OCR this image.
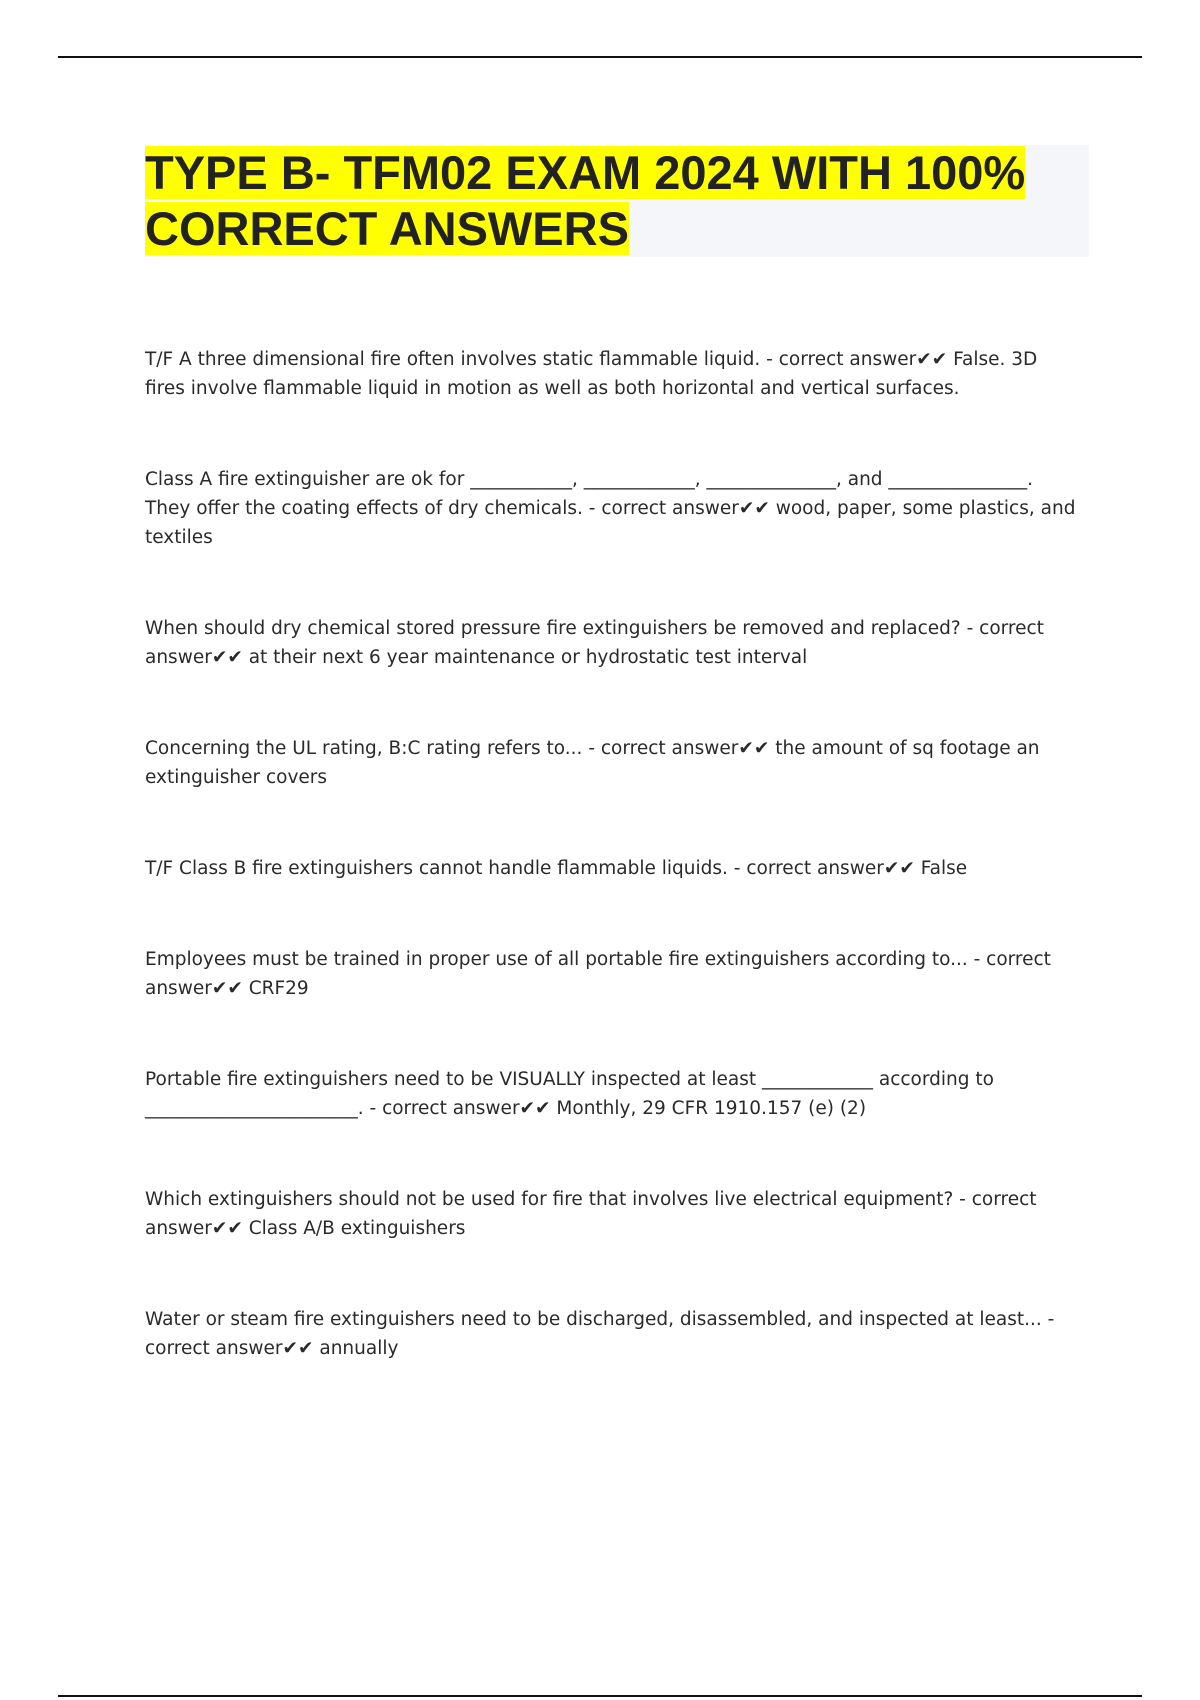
TYPE B- TFM02 EXAM 2024 WITH 100% CORRECT ANSWERS
T/F A three dimensional fire often involves static flammable liquid. - correct answer✔✔ False. 3D fires involve flammable liquid in motion as well as both horizontal and vertical surfaces.
Class A fire extinguisher are ok for ___________, ____________, ______________, and _______________. They offer the coating effects of dry chemicals. - correct answer✔✔ wood, paper, some plastics, and textiles
When should dry chemical stored pressure fire extinguishers be removed and replaced? - correct answer✔✔ at their next 6 year maintenance or hydrostatic test interval
Concerning the UL rating, B:C rating refers to... - correct answer✔✔ the amount of sq footage an extinguisher covers
T/F Class B fire extinguishers cannot handle flammable liquids. - correct answer✔✔ False
Employees must be trained in proper use of all portable fire extinguishers according to... - correct answer✔✔ CRF29
Portable fire extinguishers need to be VISUALLY inspected at least ____________ according to _______________________. - correct answer✔✔ Monthly, 29 CFR 1910.157 (e) (2)
Which extinguishers should not be used for fire that involves live electrical equipment? - correct answer✔✔ Class A/B extinguishers
Water or steam fire extinguishers need to be discharged, disassembled, and inspected at least... - correct answer✔✔ annually
